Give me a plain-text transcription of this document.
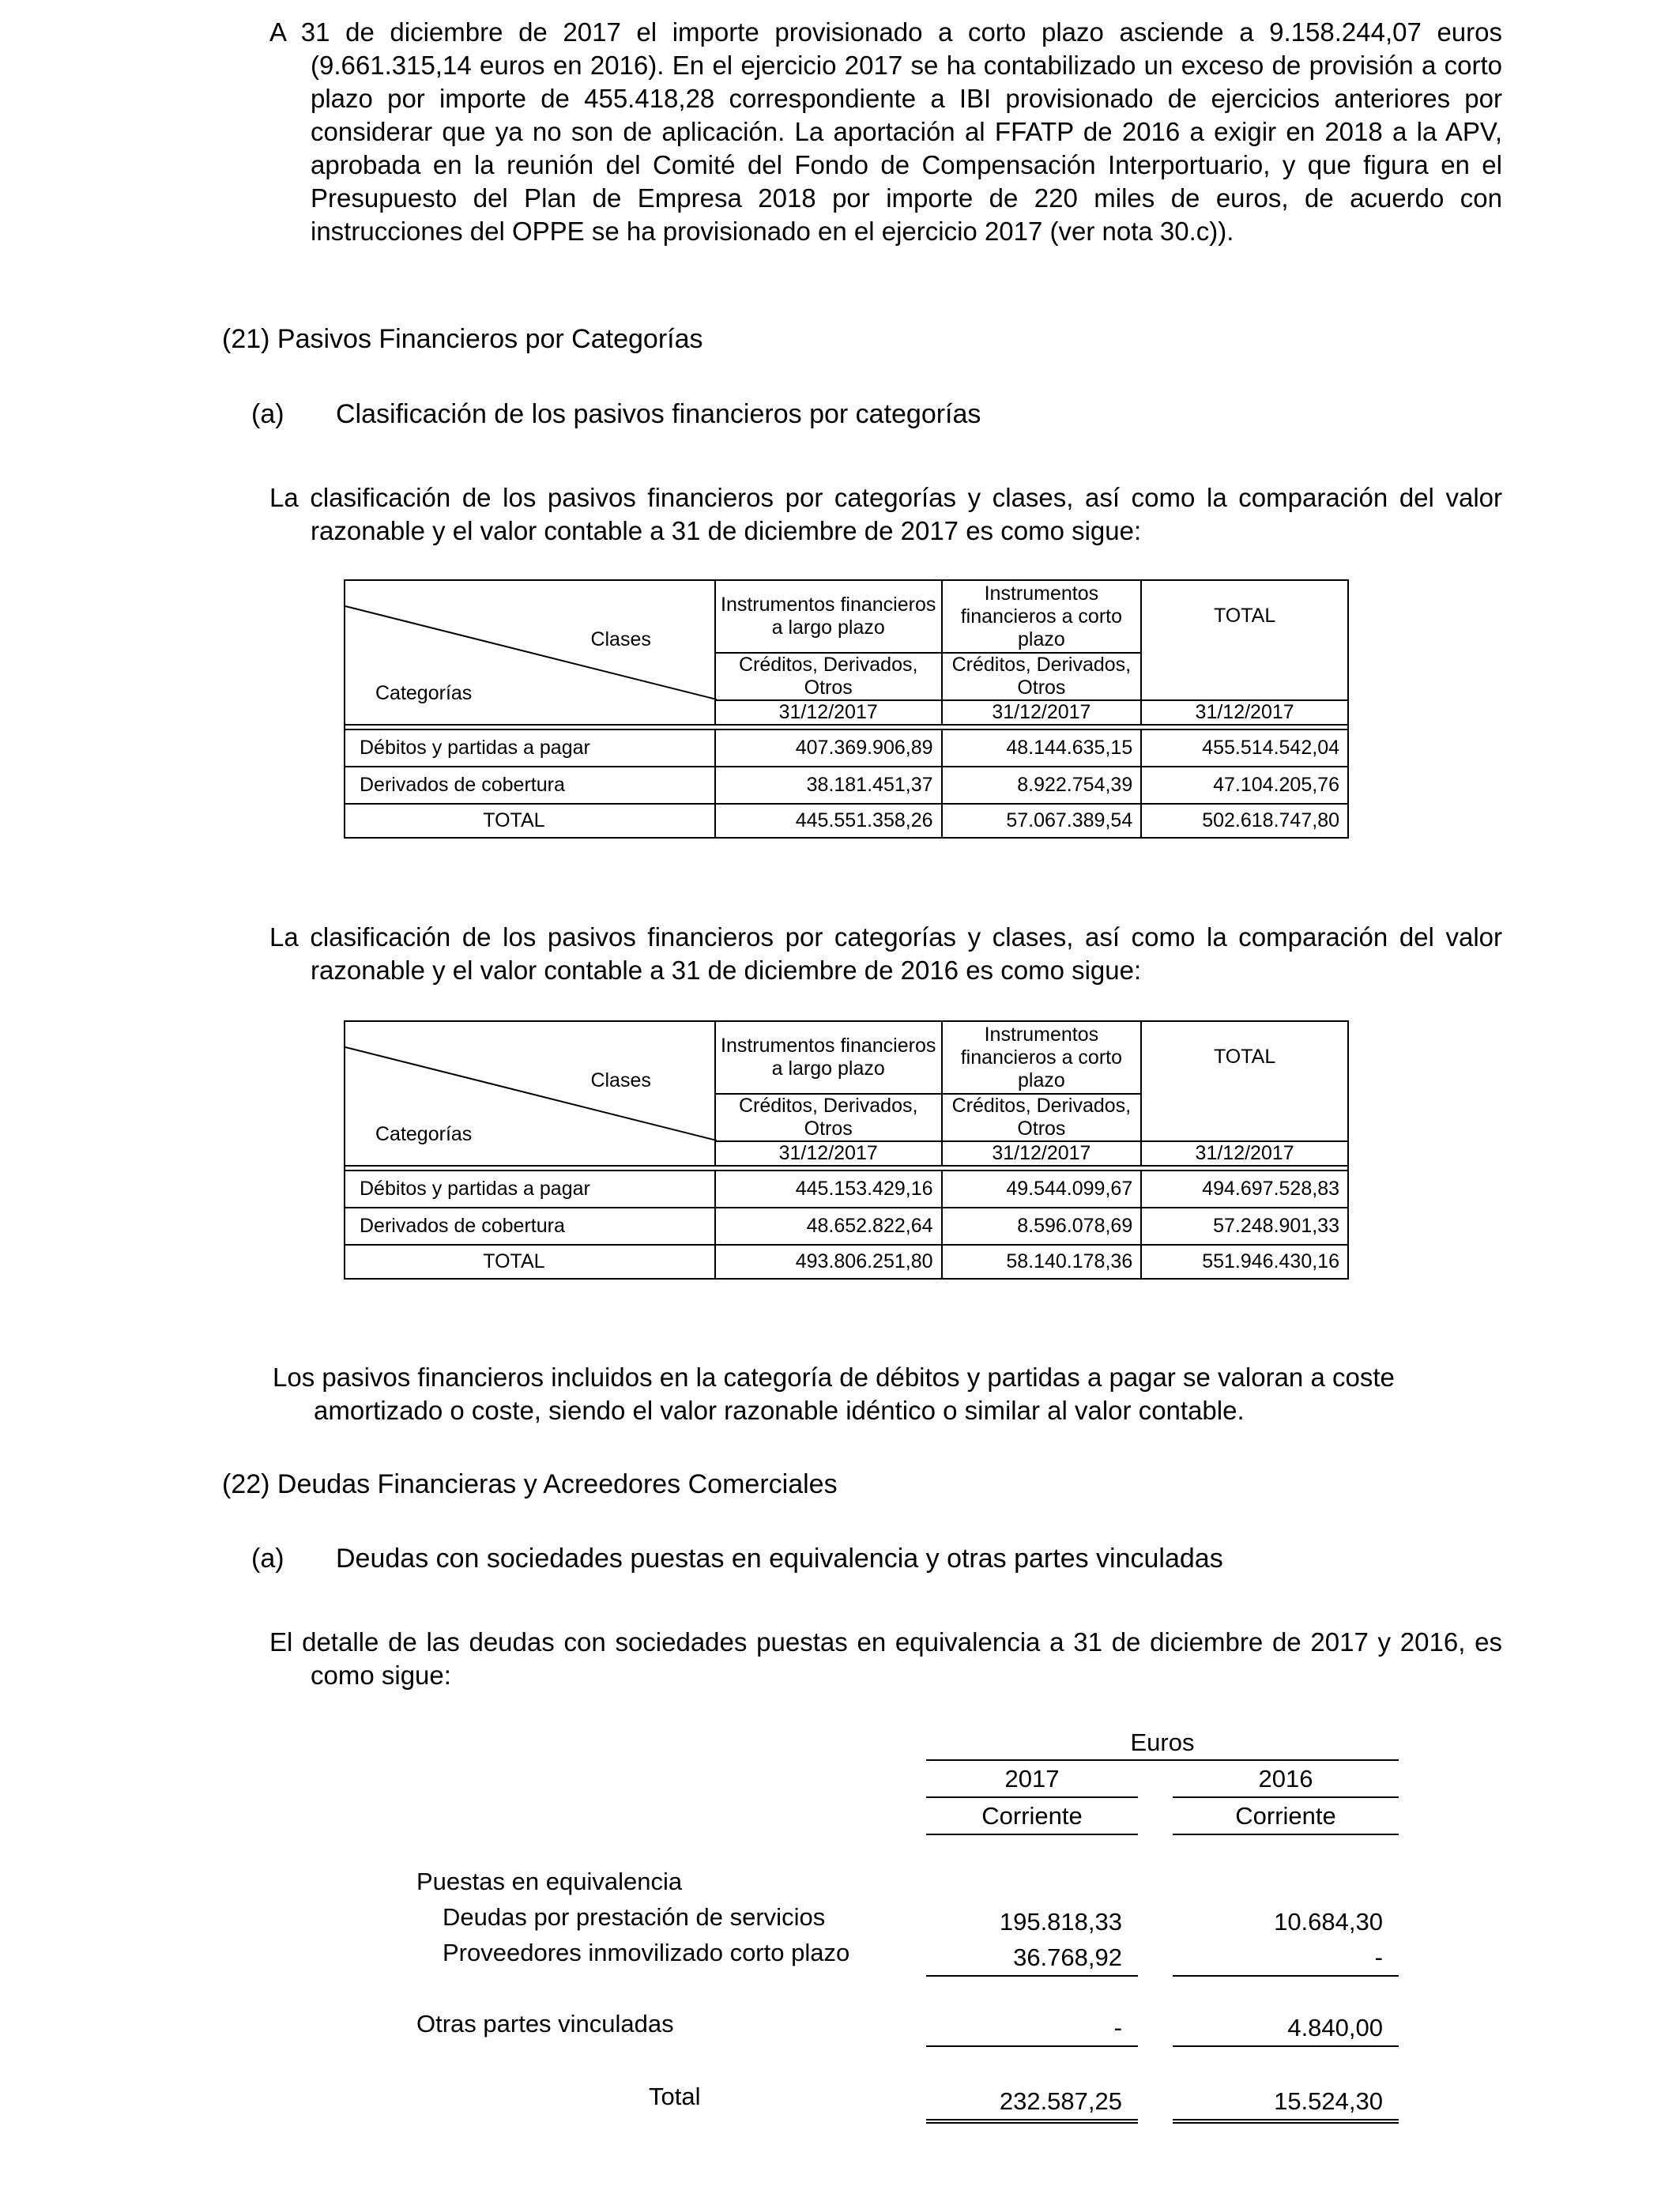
A 31 de diciembre de 2017 el importe provisionado a corto plazo asciende a 9.158.244,07 euros (9.661.315,14 euros en 2016). En el ejercicio 2017 se ha contabilizado un exceso de provisión a corto plazo por importe de 455.418,28 correspondiente a IBI provisionado de ejercicios anteriores por considerar que ya no son de aplicación. La aportación al FFATP de 2016 a exigir en 2018 a la APV, aprobada en la reunión del Comité del Fondo de Compensación Interportuario, y que figura en el Presupuesto del Plan de Empresa 2018 por importe de 220 miles de euros, de acuerdo con instrucciones del OPPE se ha provisionado en el ejercicio 2017 (ver nota 30.c)).
(21) Pasivos Financieros por Categorías
(a) Clasificación de los pasivos financieros por categorías
La clasificación de los pasivos financieros por categorías y clases, así como la comparación del valor razonable y el valor contable a 31 de diciembre de 2017 es como sigue:
Clases
Categorías	Instrumentos financieros a largo plazo	Instrumentos financieros a corto plazo	TOTAL
	Créditos, Derivados, Otros	Créditos, Derivados, Otros	
	31/12/2017	31/12/2017	31/12/2017

Débitos y partidas a pagar	407.369.906,89	48.144.635,15	455.514.542,04
Derivados de cobertura	38.181.451,37	8.922.754,39	47.104.205,76
TOTAL	445.551.358,26	57.067.389,54	502.618.747,80
La clasificación de los pasivos financieros por categorías y clases, así como la comparación del valor razonable y el valor contable a 31 de diciembre de 2016 es como sigue:
Clases
Categorías	Instrumentos financieros a largo plazo	Instrumentos financieros a corto plazo	TOTAL
	Créditos, Derivados, Otros	Créditos, Derivados, Otros	
	31/12/2017	31/12/2017	31/12/2017

Débitos y partidas a pagar	445.153.429,16	49.544.099,67	494.697.528,83
Derivados de cobertura	48.652.822,64	8.596.078,69	57.248.901,33
TOTAL	493.806.251,80	58.140.178,36	551.946.430,16
Los pasivos financieros incluidos en la categoría de débitos y partidas a pagar se valoran a coste amortizado o coste, siendo el valor razonable idéntico o similar al valor contable.
(22) Deudas Financieras y Acreedores Comerciales
(a) Deudas con sociedades puestas en equivalencia y otras partes vinculadas
El detalle de las deudas con sociedades puestas en equivalencia a 31 de diciembre de 2017 y 2016, es como sigue:
Euros
2017	2016
Corriente	Corriente
Puestas en equivalencia
Deudas por prestación de servicios	195.818,33	10.684,30
Proveedores inmovilizado corto plazo	36.768,92	-
Otras partes vinculadas	-	4.840,00
Total	232.587,25	15.524,30
